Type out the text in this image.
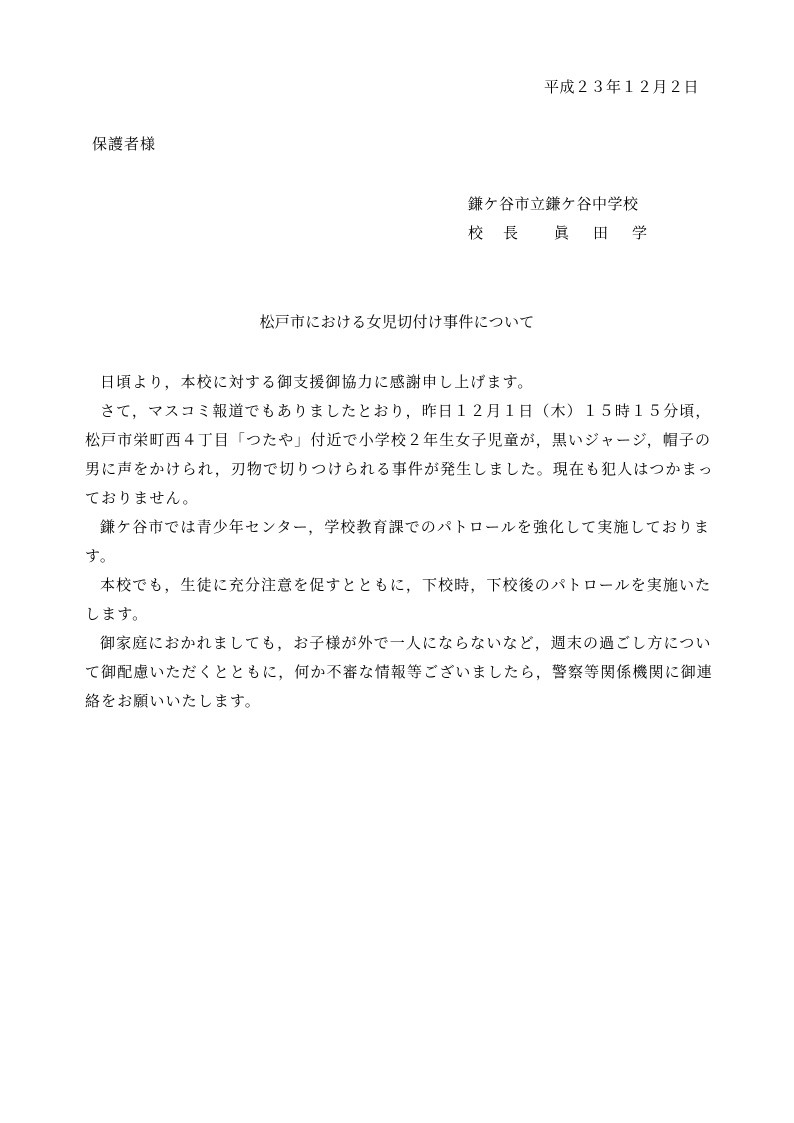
平成２３年１２月２日
保護者様
鎌ケ谷市立鎌ケ谷中学校
校長	眞田学
松戸市における女児切付け事件について

日頃より，本校に対する御支援御協力に感謝申し上げます。

さて，マスコミ報道でもありましたとおり，昨日１２月１日（木）１５時１５分頃，松戸市栄町西４丁目「つたや」付近で小学校２年生女子児童が，黒いジャージ，帽子の男に声をかけられ，刃物で切りつけられる事件が発生しました。現在も犯人はつかまっておりません。

鎌ケ谷市では青少年センター，学校教育課でのパトロールを強化して実施しております。

本校でも，生徒に充分注意を促すとともに，下校時，下校後のパトロールを実施いたします。

御家庭におかれましても，お子様が外で一人にならないなど，週末の過ごし方について御配慮いただくとともに，何か不審な情報等ございましたら，警察等関係機関に御連絡をお願いいたします。
